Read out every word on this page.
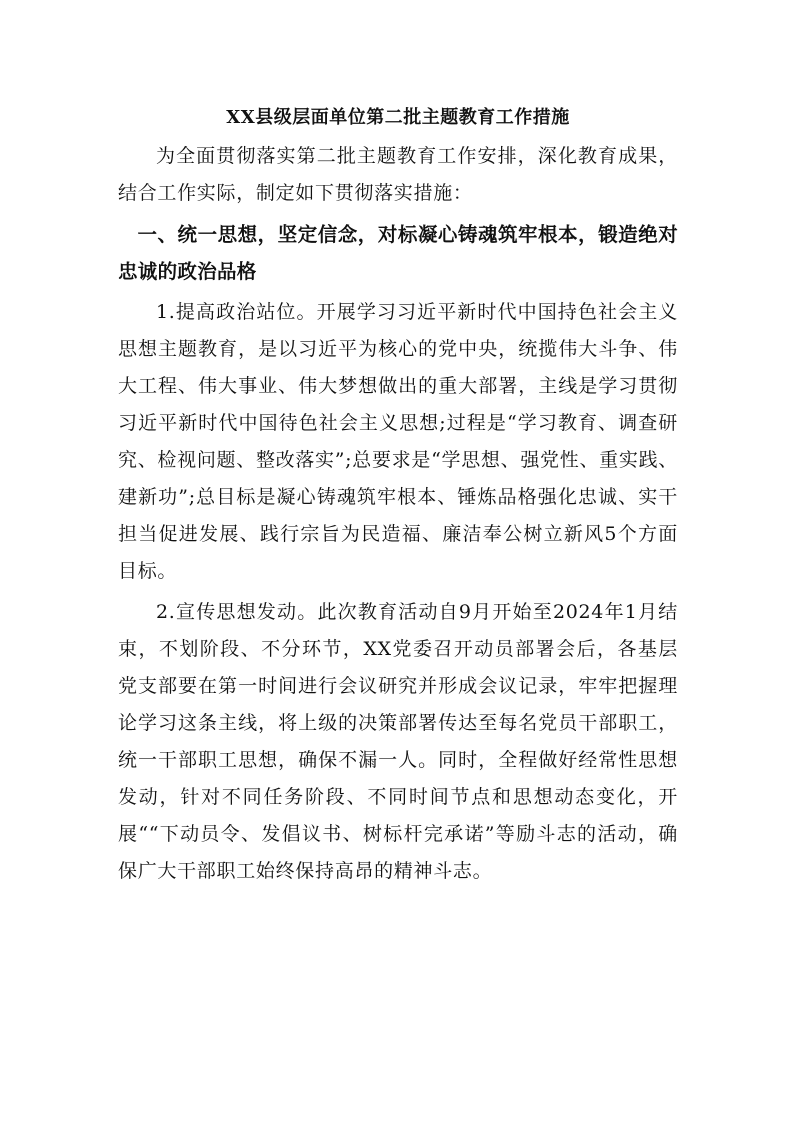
XX县级层面单位第二批主题教育工作措施

为全面贯彻落实第二批主题教育工作安排，深化教育成果，结合工作实际，制定如下贯彻落实措施：

一、统一思想，坚定信念，对标凝心铸魂筑牢根本，锻造绝对忠诚的政治品格

1.提高政治站位。开展学习习近平新时代中国持色社会主义思想主题教育，是以习近平为核心的党中央，统揽伟大斗争、伟大工程、伟大事业、伟大梦想做出的重大部署，主线是学习贯彻习近平新时代中国待色社会主义思想;过程是“学习教育、调查研究、检视问题、整改落实”;总要求是“学思想、强党性、重实践、建新功”;总目标是凝心铸魂筑牢根本、锤炼品格强化忠诚、实干担当促进发展、践行宗旨为民造福、廉洁奉公树立新风5个方面目标。

2.宣传思想发动。此次教育活动自9月开始至2024年1月结束，不划阶段、不分环节，XX党委召开动员部署会后，各基层党支部要在第一时间进行会议研究并形成会议记录，牢牢把握理论学习这条主线，将上级的决策部署传达至每名党员干部职工，统一干部职工思想，确保不漏一人。同时，全程做好经常性思想发动，针对不同任务阶段、不同时间节点和思想动态变化，开展““下动员令、发倡议书、树标杆完承诺”等励斗志的活动，确保广大干部职工始终保持高昂的精神斗志。
